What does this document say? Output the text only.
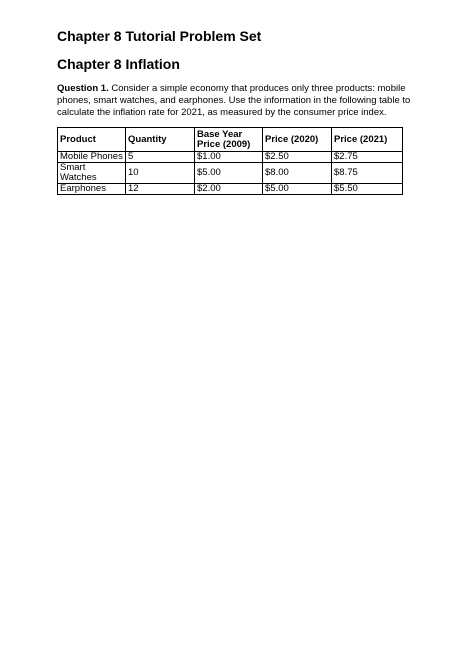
Chapter 8 Tutorial Problem Set
Chapter 8 Inflation

Question 1. Consider a simple economy that produces only three products: mobile phones, smart watches, and earphones. Use the information in the following table to calculate the inflation rate for 2021, as measured by the consumer price index.

Product	Quantity	Base Year Price (2009)	Price (2020)	Price (2021)
Mobile Phones	5	$1.00	$2.50	$2.75
Smart Watches	10	$5.00	$8.00	$8.75
Earphones	12	$2.00	$5.00	$5.50
